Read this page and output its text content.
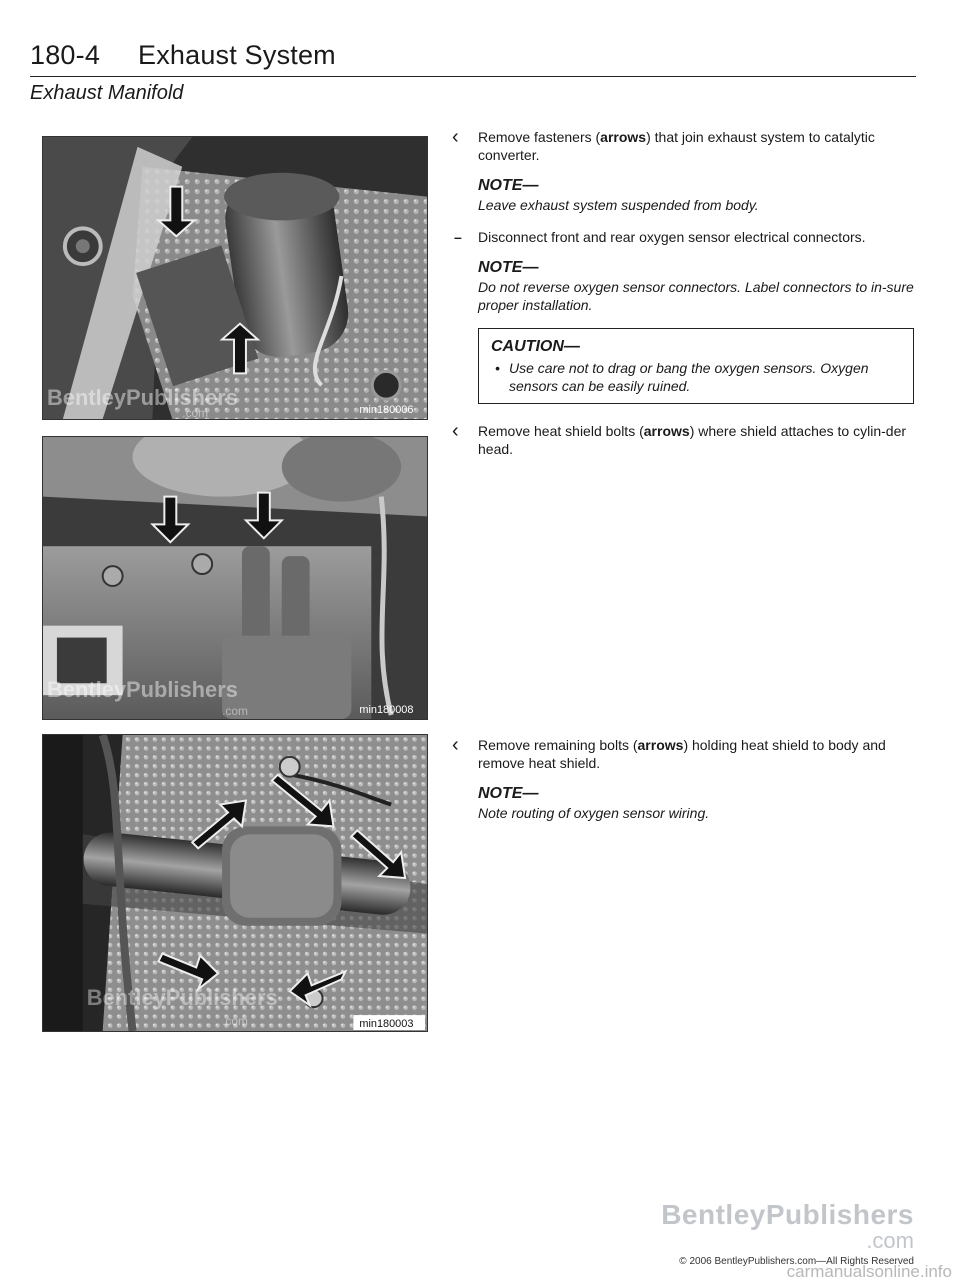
180-4 Exhaust System
Exhaust Manifold
BentleyPublishers
.com	min180006
BentleyPublishers
.com	min180008
BentleyPublishers
.com	min180003
‹ Remove fasteners (arrows) that join exhaust system to catalytic converter.
NOTE—
Leave exhaust system suspended from body.
– Disconnect front and rear oxygen sensor electrical connectors.
NOTE—
Do not reverse oxygen sensor connectors. Label connectors to in-sure proper installation.
CAUTION—
• Use care not to drag or bang the oxygen sensors. Oxygen sensors can be easily ruined.
‹ Remove heat shield bolts (arrows) where shield attaches to cylin-der head.
‹ Remove remaining bolts (arrows) holding heat shield to body and remove heat shield.
NOTE—
Note routing of oxygen sensor wiring.
BentleyPublishers
.com
© 2006 BentleyPublishers.com—All Rights Reserved
carmanualsonline.info
